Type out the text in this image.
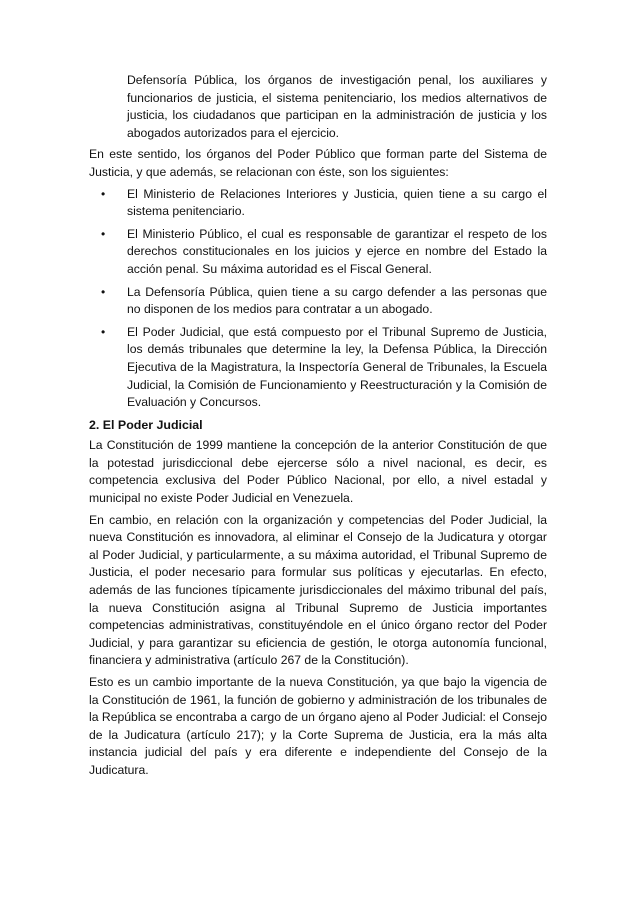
Defensoría Pública, los órganos de investigación penal, los auxiliares y funcionarios de justicia, el sistema penitenciario, los medios alternativos de justicia, los ciudadanos que participan en la administración de justicia y los abogados autorizados para el ejercicio.

En este sentido, los órganos del Poder Público que forman parte del Sistema de Justicia, y que además, se relacionan con éste, son los siguientes:

• El Ministerio de Relaciones Interiores y Justicia, quien tiene a su cargo el sistema penitenciario.
• El Ministerio Público, el cual es responsable de garantizar el respeto de los derechos constitucionales en los juicios y ejerce en nombre del Estado la acción penal. Su máxima autoridad es el Fiscal General.
• La Defensoría Pública, quien tiene a su cargo defender a las personas que no disponen de los medios para contratar a un abogado.
• El Poder Judicial, que está compuesto por el Tribunal Supremo de Justicia, los demás tribunales que determine la ley, la Defensa Pública, la Dirección Ejecutiva de la Magistratura, la Inspectoría General de Tribunales, la Escuela Judicial, la Comisión de Funcionamiento y Reestructuración y la Comisión de Evaluación y Concursos.
2. El Poder Judicial

La Constitución de 1999 mantiene la concepción de la anterior Constitución de que la potestad jurisdiccional debe ejercerse sólo a nivel nacional, es decir, es competencia exclusiva del Poder Público Nacional, por ello, a nivel estadal y municipal no existe Poder Judicial en Venezuela.

En cambio, en relación con la organización y competencias del Poder Judicial, la nueva Constitución es innovadora, al eliminar el Consejo de la Judicatura y otorgar al Poder Judicial, y particularmente, a su máxima autoridad, el Tribunal Supremo de Justicia, el poder necesario para formular sus políticas y ejecutarlas. En efecto, además de las funciones típicamente jurisdiccionales del máximo tribunal del país, la nueva Constitución asigna al Tribunal Supremo de Justicia importantes competencias administrativas, constituyéndole en el único órgano rector del Poder Judicial, y para garantizar su eficiencia de gestión, le otorga autonomía funcional, financiera y administrativa (artículo 267 de la Constitución).

Esto es un cambio importante de la nueva Constitución, ya que bajo la vigencia de la Constitución de 1961, la función de gobierno y administración de los tribunales de la República se encontraba a cargo de un órgano ajeno al Poder Judicial: el Consejo de la Judicatura (artículo 217); y la Corte Suprema de Justicia, era la más alta instancia judicial del país y era diferente e independiente del Consejo de la Judicatura.
